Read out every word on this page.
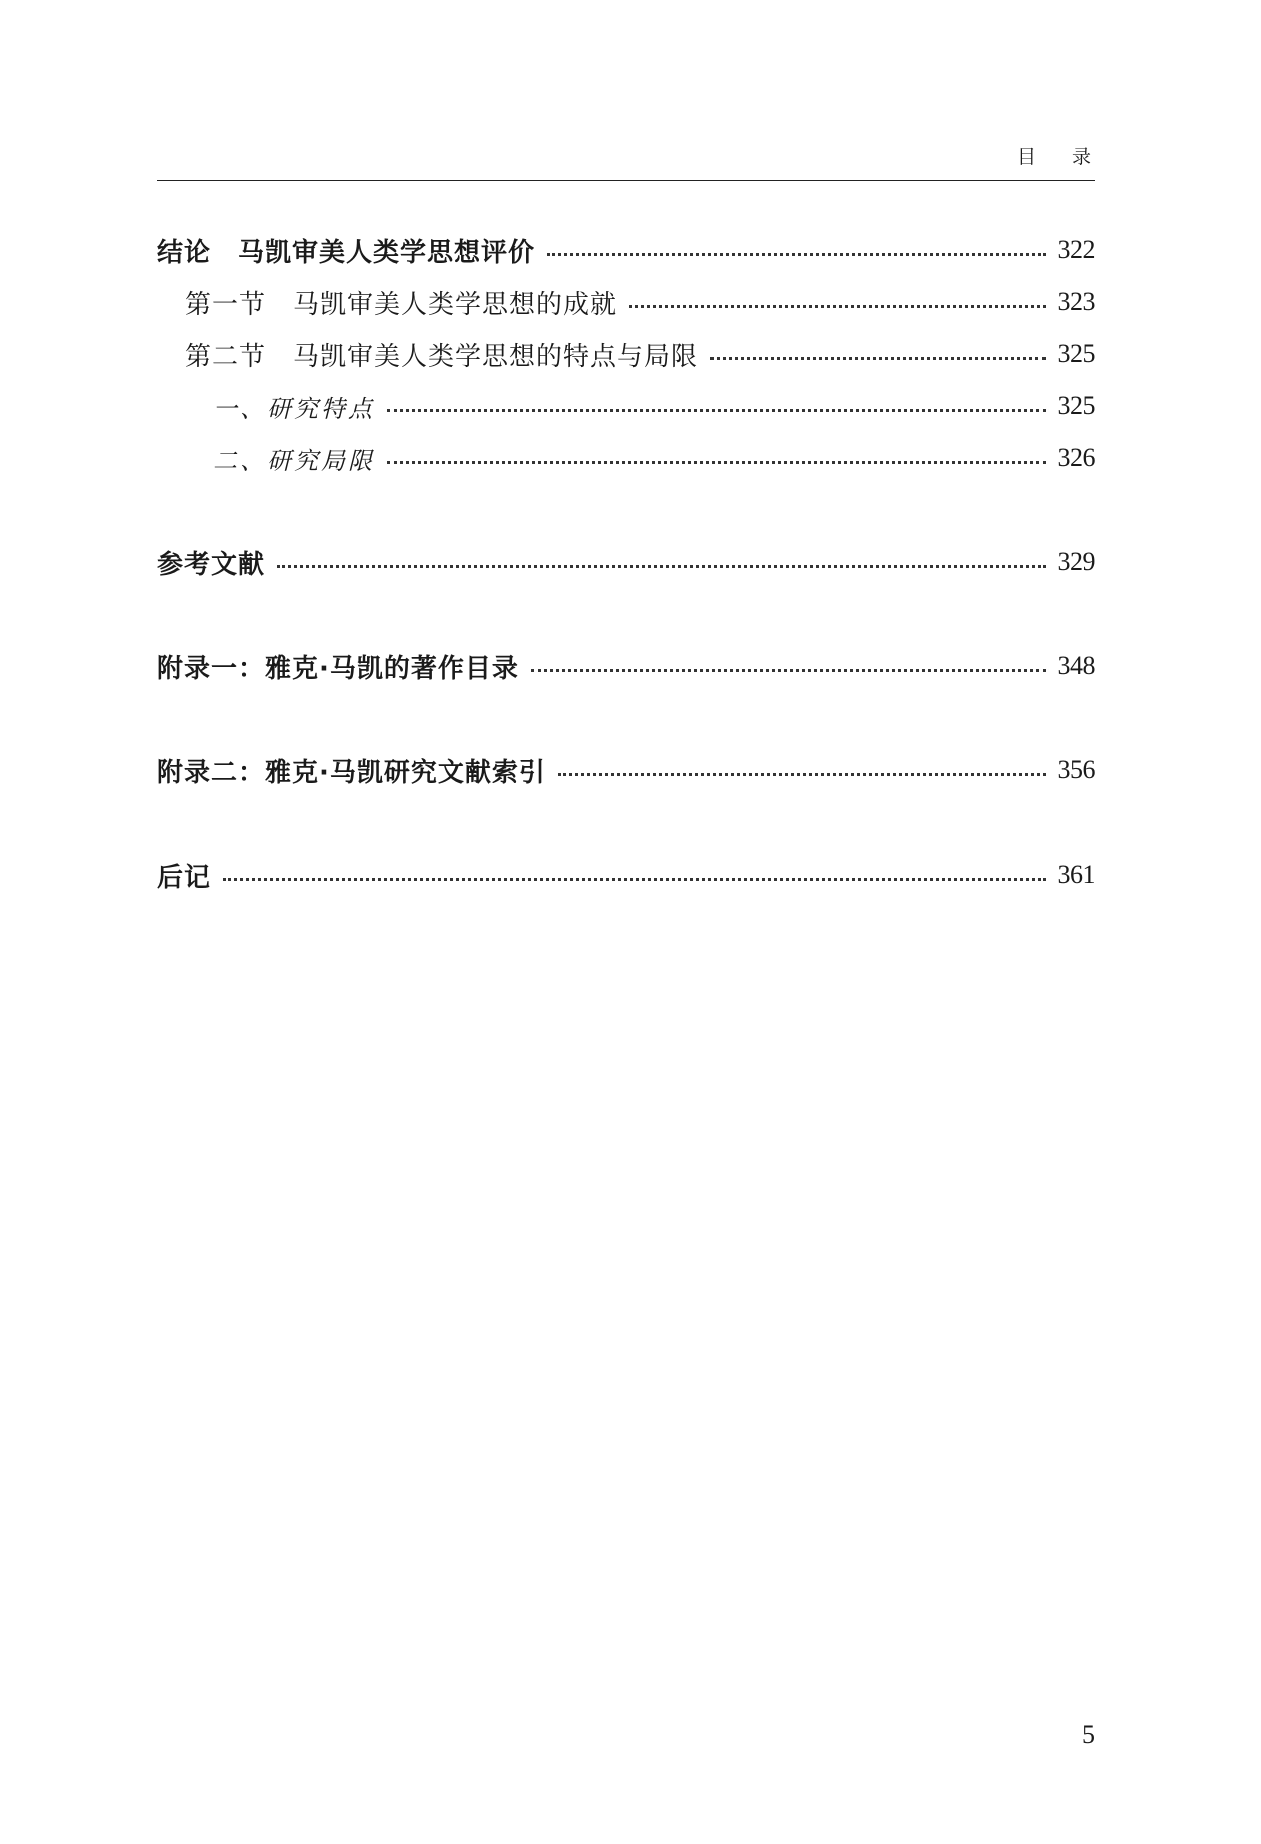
目录
结论　马凯审美人类学思想评价	322
第一节　马凯审美人类学思想的成就	323
第二节　马凯审美人类学思想的特点与局限	325
一、研究特点	325
二、研究局限	326
参考文献	329
附录一：雅克·马凯的著作目录	348
附录二：雅克·马凯研究文献索引	356
后记	361
5
